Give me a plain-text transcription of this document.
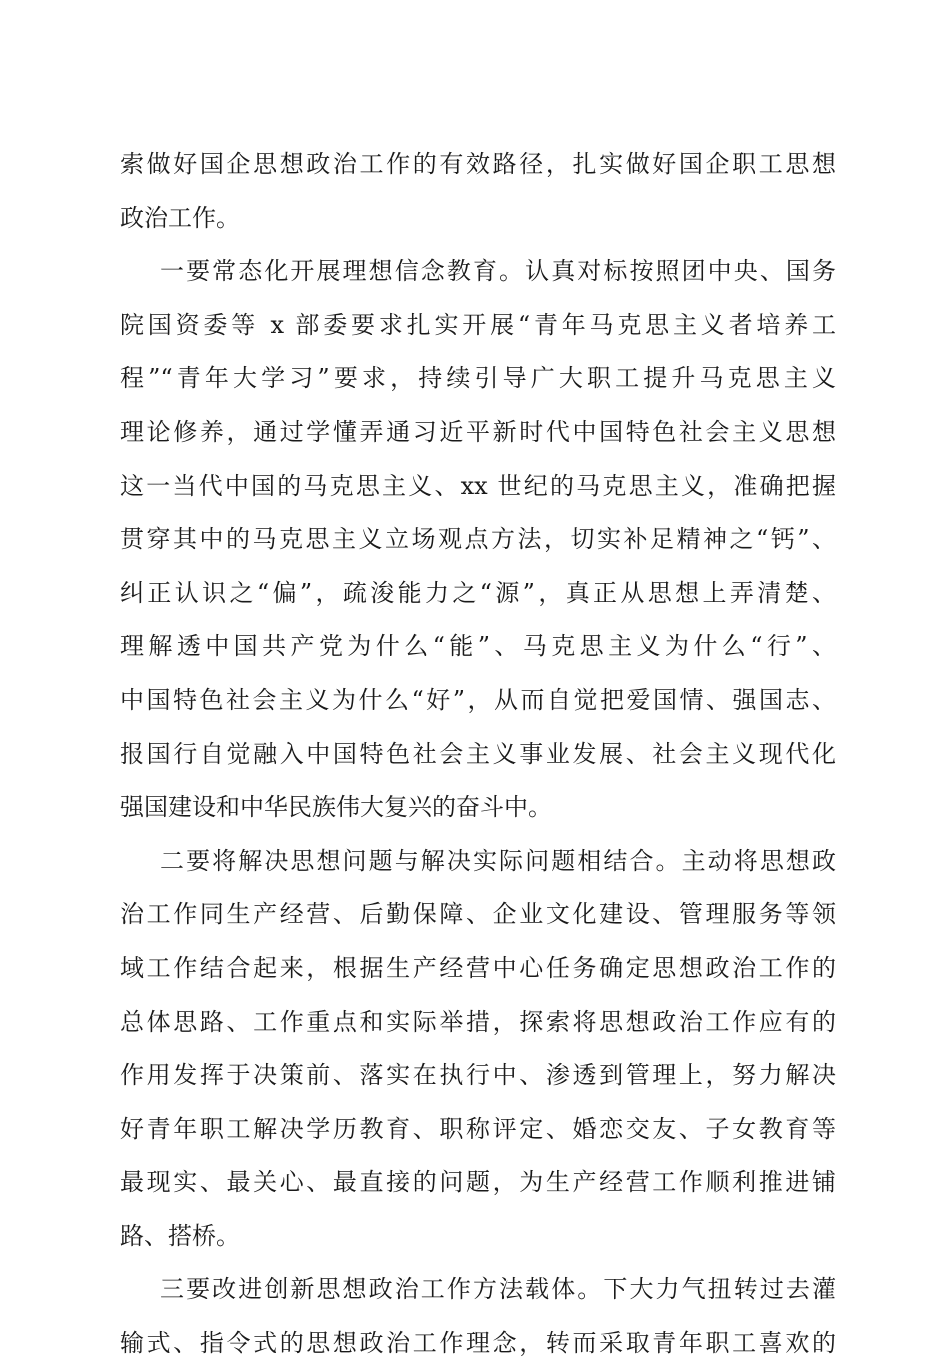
索做好国企思想政治工作的有效路径，扎实做好国企职工思想
政治工作。
一要常态化开展理想信念教育。认真对标按照团中央、国务
院国资委等 x 部委要求扎实开展“青年马克思主义者培养工
程”“青年大学习”要求，持续引导广大职工提升马克思主义
理论修养，通过学懂弄通习近平新时代中国特色社会主义思想
这一当代中国的马克思主义、xx 世纪的马克思主义，准确把握
贯穿其中的马克思主义立场观点方法，切实补足精神之“钙”、
纠正认识之“偏”，疏浚能力之“源”，真正从思想上弄清楚、
理解透中国共产党为什么“能”、马克思主义为什么“行”、
中国特色社会主义为什么“好”，从而自觉把爱国情、强国志、
报国行自觉融入中国特色社会主义事业发展、社会主义现代化
强国建设和中华民族伟大复兴的奋斗中。
二要将解决思想问题与解决实际问题相结合。主动将思想政
治工作同生产经营、后勤保障、企业文化建设、管理服务等领
域工作结合起来，根据生产经营中心任务确定思想政治工作的
总体思路、工作重点和实际举措，探索将思想政治工作应有的
作用发挥于决策前、落实在执行中、渗透到管理上，努力解决
好青年职工解决学历教育、职称评定、婚恋交友、子女教育等
最现实、最关心、最直接的问题，为生产经营工作顺利推进铺
路、搭桥。
三要改进创新思想政治工作方法载体。下大力气扭转过去灌
输式、指令式的思想政治工作理念，转而采取青年职工喜欢的
